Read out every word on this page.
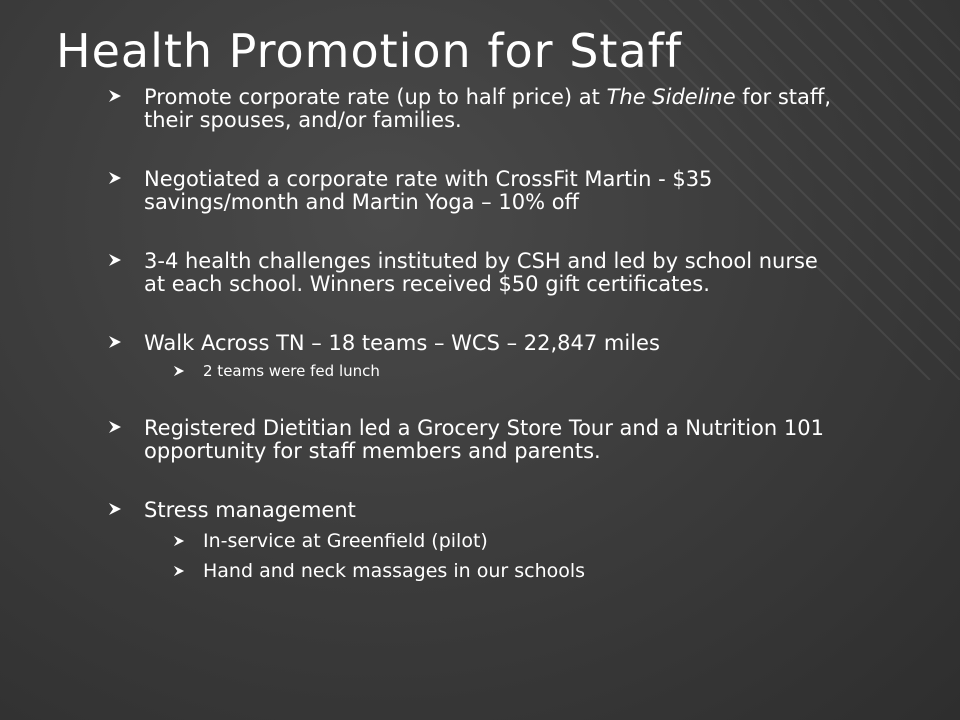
Health Promotion for Staff
Promote corporate rate (up to half price) at The Sideline for staff, their spouses, and/or families.
Negotiated a corporate rate with CrossFit Martin - $35 savings/month and Martin Yoga – 10% off
3-4 health challenges instituted by CSH and led by school nurse at each school. Winners received $50 gift certificates.
Walk Across TN – 18 teams – WCS – 22,847 miles
2 teams were fed lunch
Registered Dietitian led a Grocery Store Tour and a Nutrition 101 opportunity for staff members and parents.
Stress management
In-service at Greenfield (pilot)
Hand and neck massages in our schools
